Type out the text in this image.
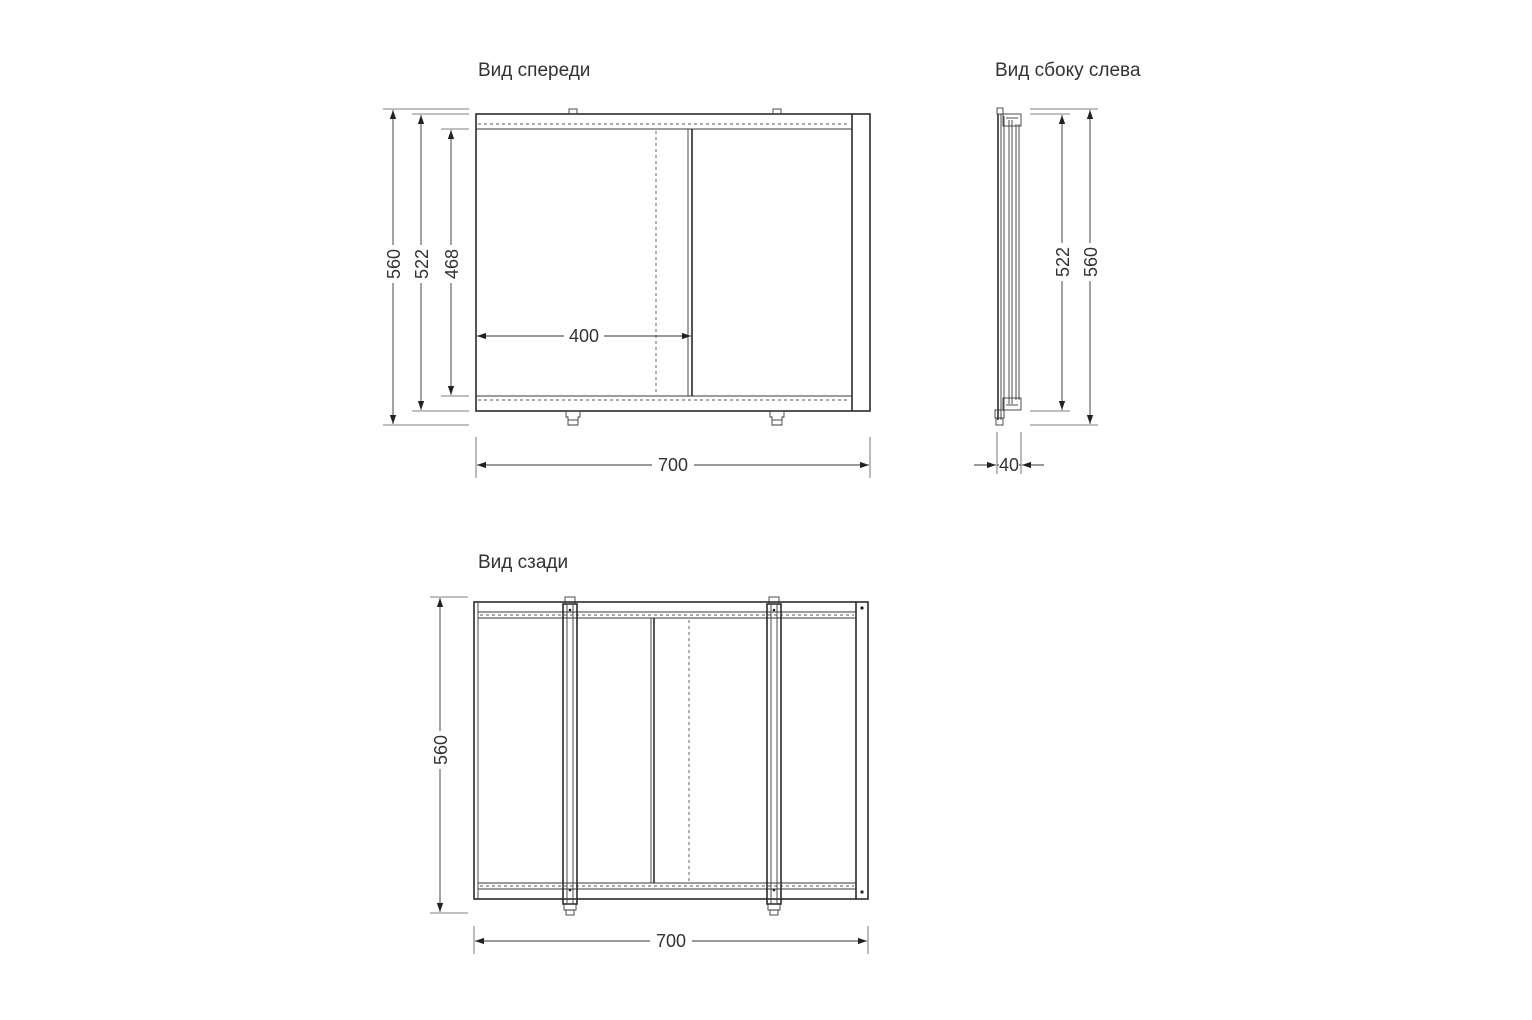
Вид спереди
560 522 468
400
700
Вид сбоку слева
522 560
40
Вид сзади
560
700
